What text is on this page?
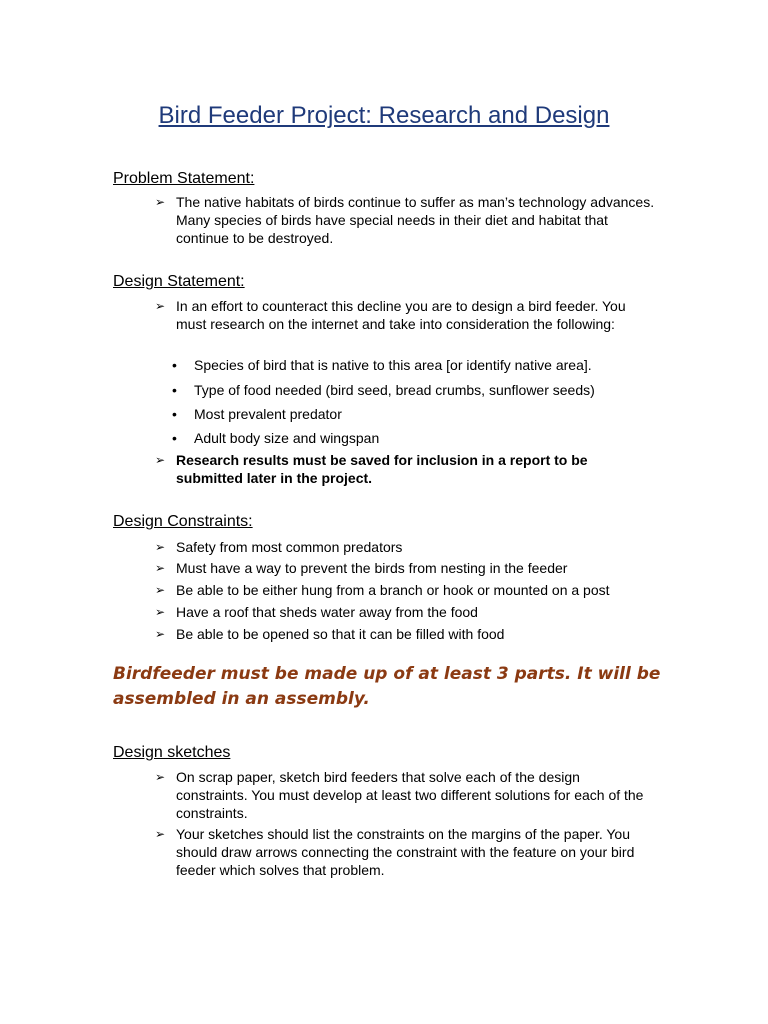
Bird Feeder Project: Research and Design
Problem Statement:
➢ The native habitats of birds continue to suffer as man’s technology advances. Many species of birds have special needs in their diet and habitat that continue to be destroyed.
Design Statement:
➢ In an effort to counteract this decline you are to design a bird feeder. You must research on the internet and take into consideration the following:
• Species of bird that is native to this area [or identify native area].
• Type of food needed (bird seed, bread crumbs, sunflower seeds)
• Most prevalent predator
• Adult body size and wingspan
➢ Research results must be saved for inclusion in a report to be submitted later in the project.
Design Constraints:
➢ Safety from most common predators
➢ Must have a way to prevent the birds from nesting in the feeder
➢ Be able to be either hung from a branch or hook or mounted on a post
➢ Have a roof that sheds water away from the food
➢ Be able to be opened so that it can be filled with food

Birdfeeder must be made up of at least 3 parts. It will be assembled in an assembly.

Design sketches
➢ On scrap paper, sketch bird feeders that solve each of the design constraints. You must develop at least two different solutions for each of the constraints.
➢ Your sketches should list the constraints on the margins of the paper. You should draw arrows connecting the constraint with the feature on your bird feeder which solves that problem.
